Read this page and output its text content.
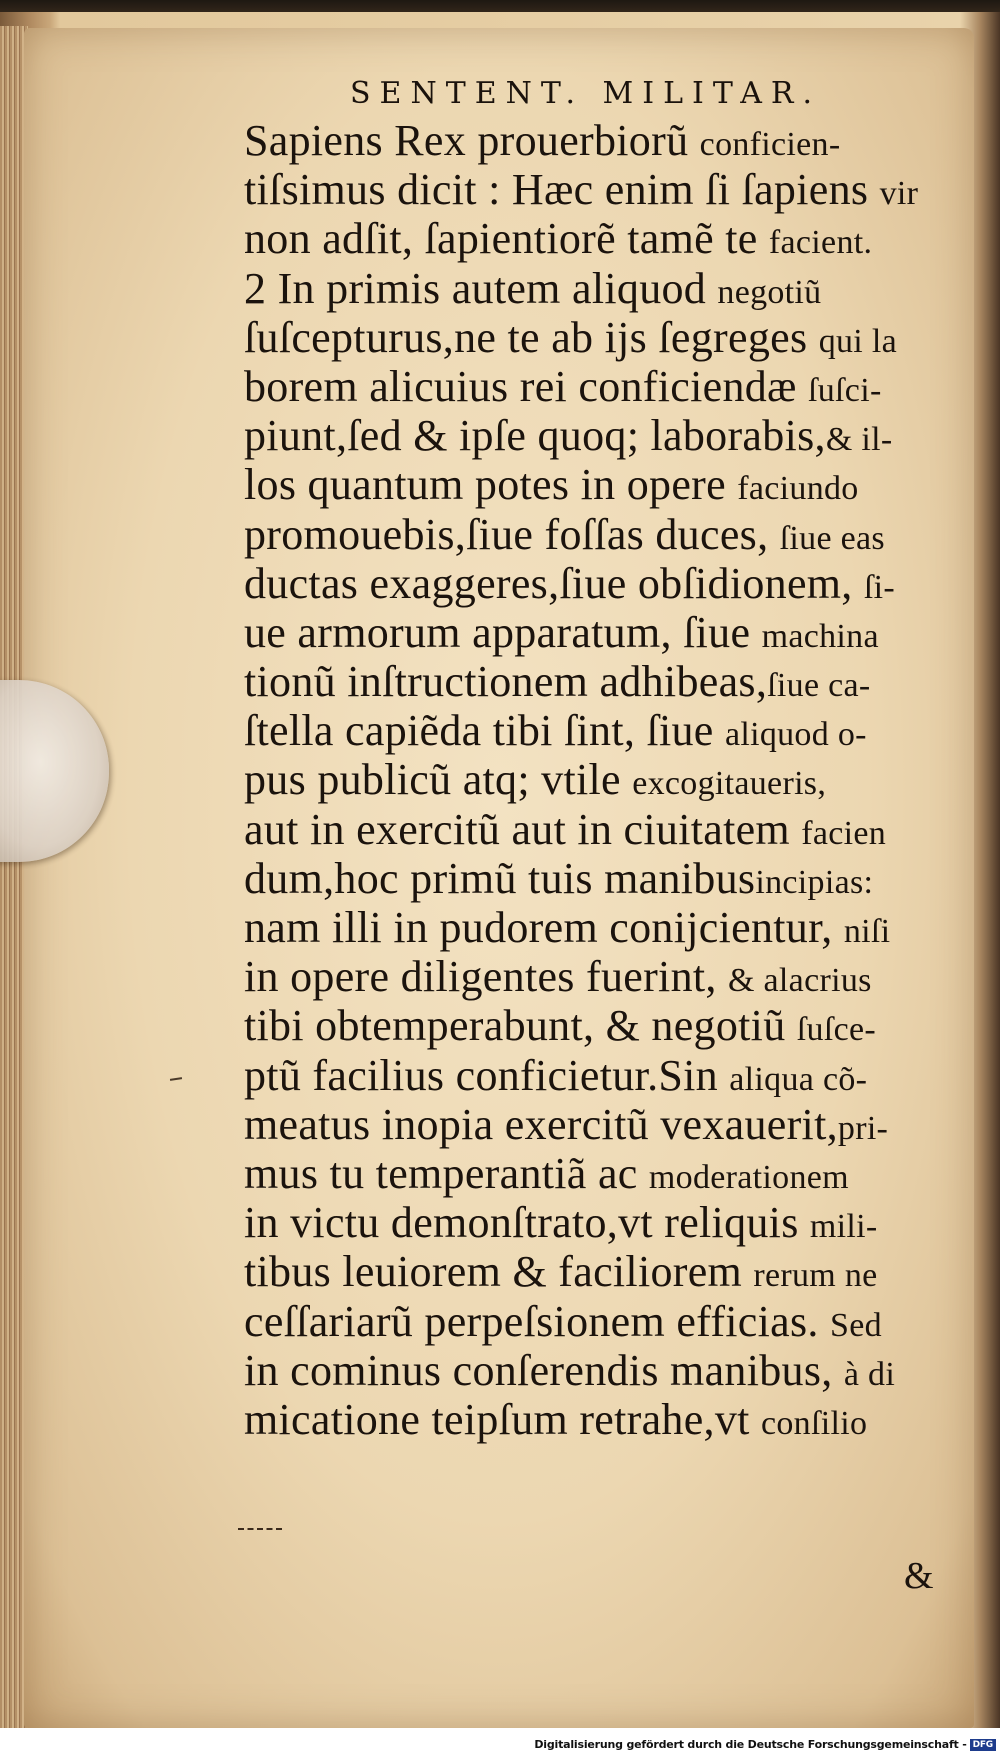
SENTENT. MILITAR.
Sapiens Rex prouerbiorũ conficien-
tiſsimus dicit : Hæc enim ſi ſapiens vir
non adſit, ſapientiorẽ tamẽ te facient.
2 In primis autem aliquod negotiũ
ſuſcepturus,ne te ab ijs ſegreges qui la
borem alicuius rei conficiendæ ſuſci-
piunt,ſed & ipſe quoq; laborabis,& il-
los quantum potes in opere faciundo
promouebis,ſiue foſſas duces, ſiue eas
ductas exaggeres,ſiue obſidionem, ſi-
ue armorum apparatum, ſiue machina
tionũ inſtructionem adhibeas,ſiue ca-
ſtella capiẽda tibi ſint, ſiue aliquod o-
pus publicũ atq; vtile excogitaueris,
aut in exercitũ aut in ciuitatem facien
dum,hoc primũ tuis manibusincipias:
nam illi in pudorem conijcientur, niſi
in opere diligentes fuerint, & alacrius
tibi obtemperabunt, & negotiũ ſuſce-
ptũ facilius conficietur.Sin aliqua cõ-
meatus inopia exercitũ vexauerit,pri-
mus tu temperantiã ac moderationem
in victu demonſtrato,vt reliquis mili-
tibus leuiorem & faciliorem rerum ne
ceſſariarũ perpeſsionem efficias. Sed
in cominus conſerendis manibus, à di
micatione teipſum retrahe,vt conſilio
&
Digitalisierung gefördert durch die Deutsche Forschungsgemeinschaft - DFG
